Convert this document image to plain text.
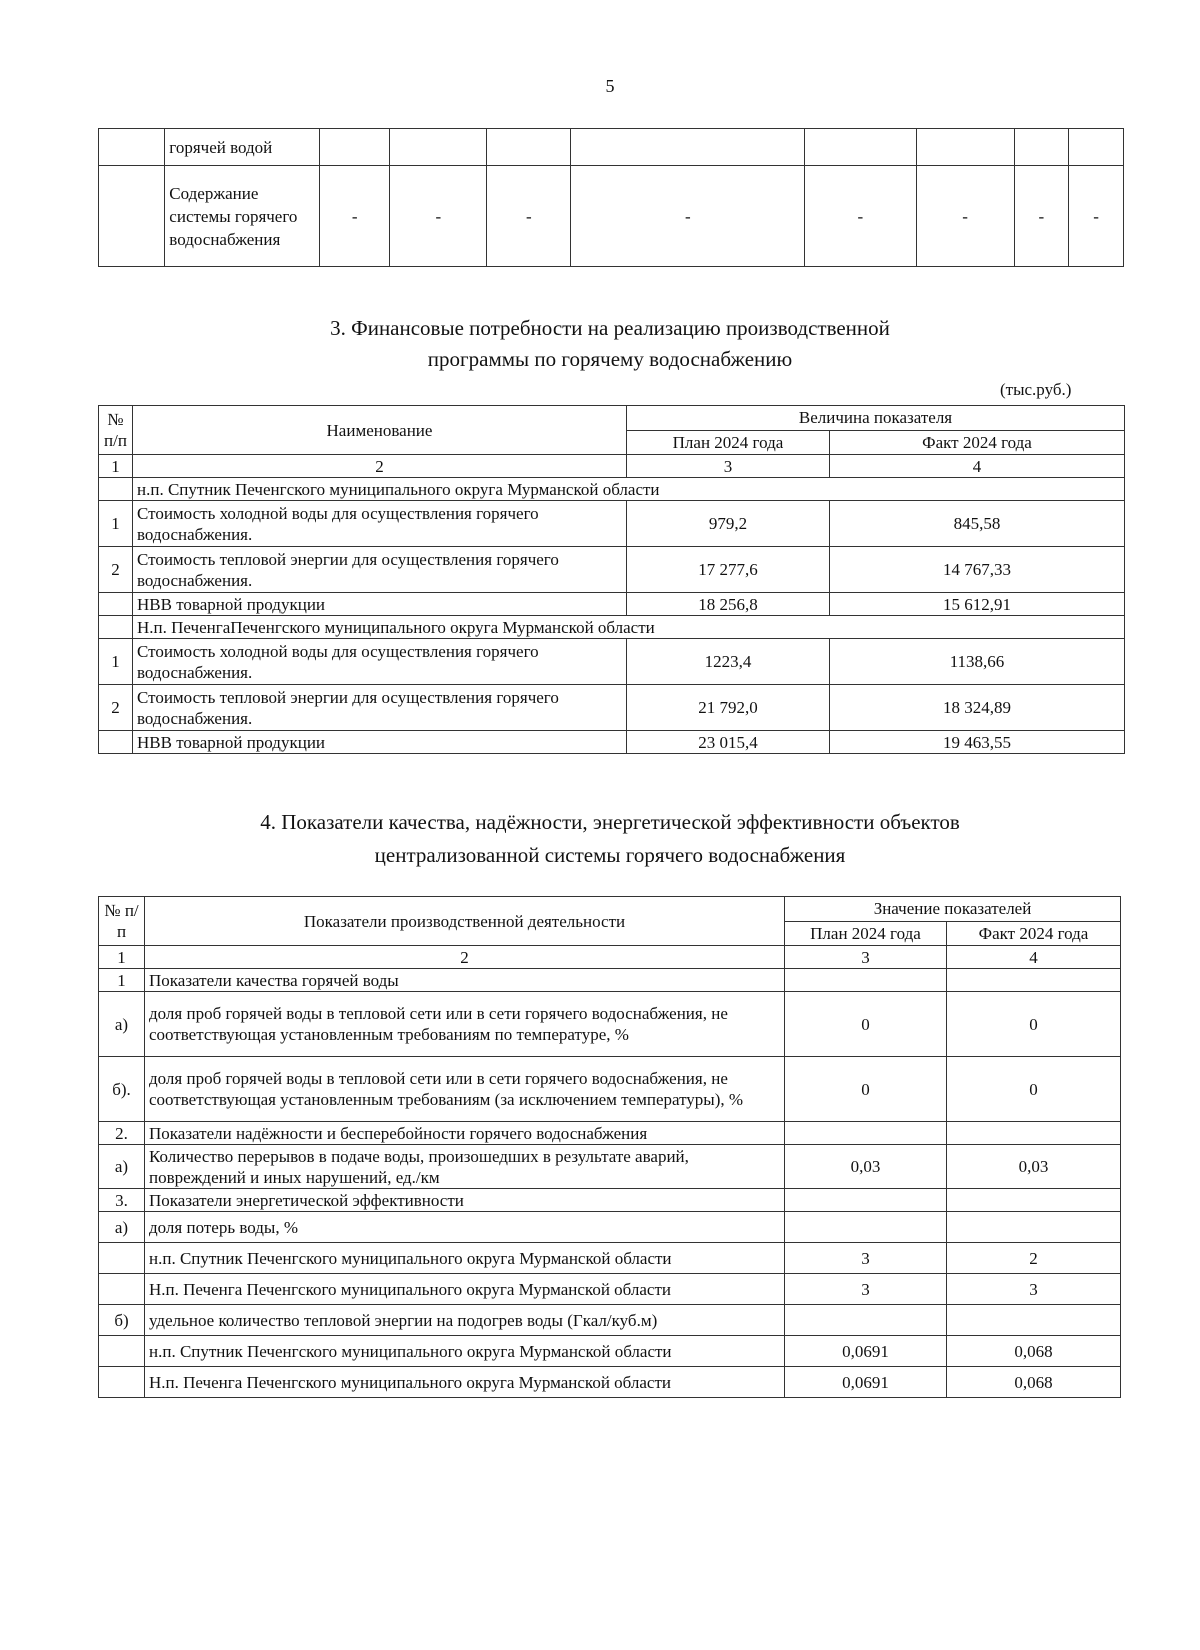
5
	горячей водой								
	Содержание системы горячего водоснабжения	-	-	-	-	-	-	-	-
3. Финансовые потребности на реализацию производственной
программы по горячему водоснабжению
(тыс.руб.)
№ п/п	Наименование	Величина показателя	
		План 2024 года	Факт 2024 года
1	2	3	4
	н.п. Спутник Печенгского муниципального округа Мурманской области		
1	Стоимость холодной воды для осуществления горячего водоснабжения.	979,2	845,58
2	Стоимость тепловой энергии для осуществления горячего водоснабжения.	17 277,6	14 767,33
	НВВ товарной продукции	18 256,8	15 612,91
	Н.п. ПеченгаПеченгского муниципального округа Мурманской области		
1	Стоимость холодной воды для осуществления горячего водоснабжения.	1223,4	1138,66
2	Стоимость тепловой энергии для осуществления горячего водоснабжения.	21 792,0	18 324,89
	НВВ товарной продукции	23 015,4	19 463,55
4. Показатели качества, надёжности, энергетической эффективности объектов
централизованной системы горячего водоснабжения
№ п/п	Показатели производственной деятельности	Значение показателей	
		План 2024 года	Факт 2024 года
1	2	3	4
1	Показатели качества горячей воды		
а)	доля проб горячей воды в тепловой сети или в сети горячего водоснабжения, не соответствующая установленным требованиям по температуре, %	0	0
б).	доля проб горячей воды в тепловой сети или в сети горячего водоснабжения, не соответствующая установленным требованиям (за исключением температуры), %	0	0
2.	Показатели надёжности и бесперебойности горячего водоснабжения		
а)	Количество перерывов в подаче воды, произошедших в результате аварий, повреждений и иных нарушений, ед./км	0,03	0,03
3.	Показатели энергетической эффективности		
а)	доля потерь воды, %		
	н.п. Спутник Печенгского муниципального округа Мурманской области	3	2
	Н.п. Печенга Печенгского муниципального округа Мурманской области	3	3
б)	удельное количество тепловой энергии на подогрев воды (Гкал/куб.м)		
	н.п. Спутник Печенгского муниципального округа Мурманской области	0,0691	0,068
	Н.п. Печенга Печенгского муниципального округа Мурманской области	0,0691	0,068
